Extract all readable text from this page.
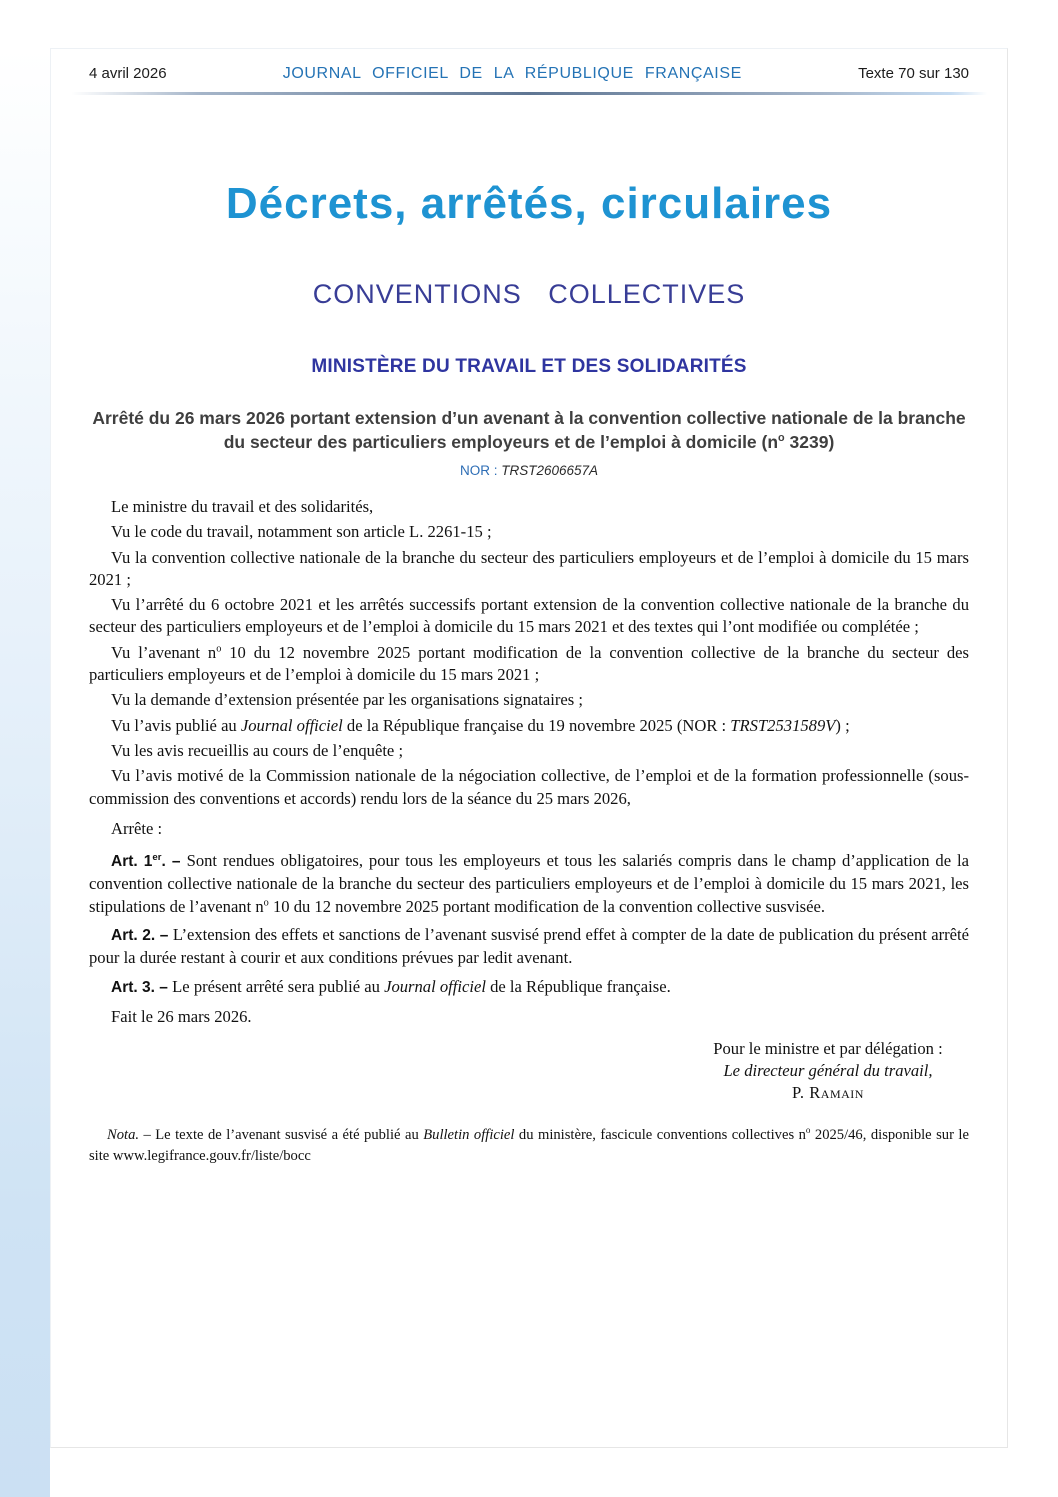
4 avril 2026	JOURNAL OFFICIEL DE LA RÉPUBLIQUE FRANÇAISE	Texte 70 sur 130
Décrets, arrêtés, circulaires
CONVENTIONS COLLECTIVES
MINISTÈRE DU TRAVAIL ET DES SOLIDARITÉS
Arrêté du 26 mars 2026 portant extension d’un avenant à la convention collective nationale de la branche du secteur des particuliers employeurs et de l’emploi à domicile ($n^o$ 3239)
NOR : TRST2606657A

Le ministre du travail et des solidarités,

Vu le code du travail, notamment son article L. 2261-15 ;

Vu la convention collective nationale de la branche du secteur des particuliers employeurs et de l’emploi à domicile du 15 mars 2021 ;

Vu l’arrêté du 6 octobre 2021 et les arrêtés successifs portant extension de la convention collective nationale de la branche du secteur des particuliers employeurs et de l’emploi à domicile du 15 mars 2021 et des textes qui l’ont modifiée ou complétée ;

Vu l’avenant $n^o$ 10 du 12 novembre 2025 portant modification de la convention collective de la branche du secteur des particuliers employeurs et de l’emploi à domicile du 15 mars 2021 ;

Vu la demande d’extension présentée par les organisations signataires ;

Vu l’avis publié au Journal officiel de la République française du 19 novembre 2025 (NOR : TRST2531589V) ;

Vu les avis recueillis au cours de l’enquête ;

Vu l’avis motivé de la Commission nationale de la négociation collective, de l’emploi et de la formation professionnelle (sous-commission des conventions et accords) rendu lors de la séance du 25 mars 2026,

Arrête :

Art. 1er. – Sont rendues obligatoires, pour tous les employeurs et tous les salariés compris dans le champ d’application de la convention collective nationale de la branche du secteur des particuliers employeurs et de l’emploi à domicile du 15 mars 2021, les stipulations de l’avenant $n^o$ 10 du 12 novembre 2025 portant modification de la convention collective susvisée.

Art. 2. – L’extension des effets et sanctions de l’avenant susvisé prend effet à compter de la date de publication du présent arrêté pour la durée restant à courir et aux conditions prévues par ledit avenant.

Art. 3. – Le présent arrêté sera publié au Journal officiel de la République française.

Fait le 26 mars 2026.

Pour le ministre et par délégation :
Le directeur général du travail,
P. Ramain

Nota. – Le texte de l’avenant susvisé a été publié au Bulletin officiel du ministère, fascicule conventions collectives $n^o$ 2025/46, disponible sur le site www.legifrance.gouv.fr/liste/bocc
